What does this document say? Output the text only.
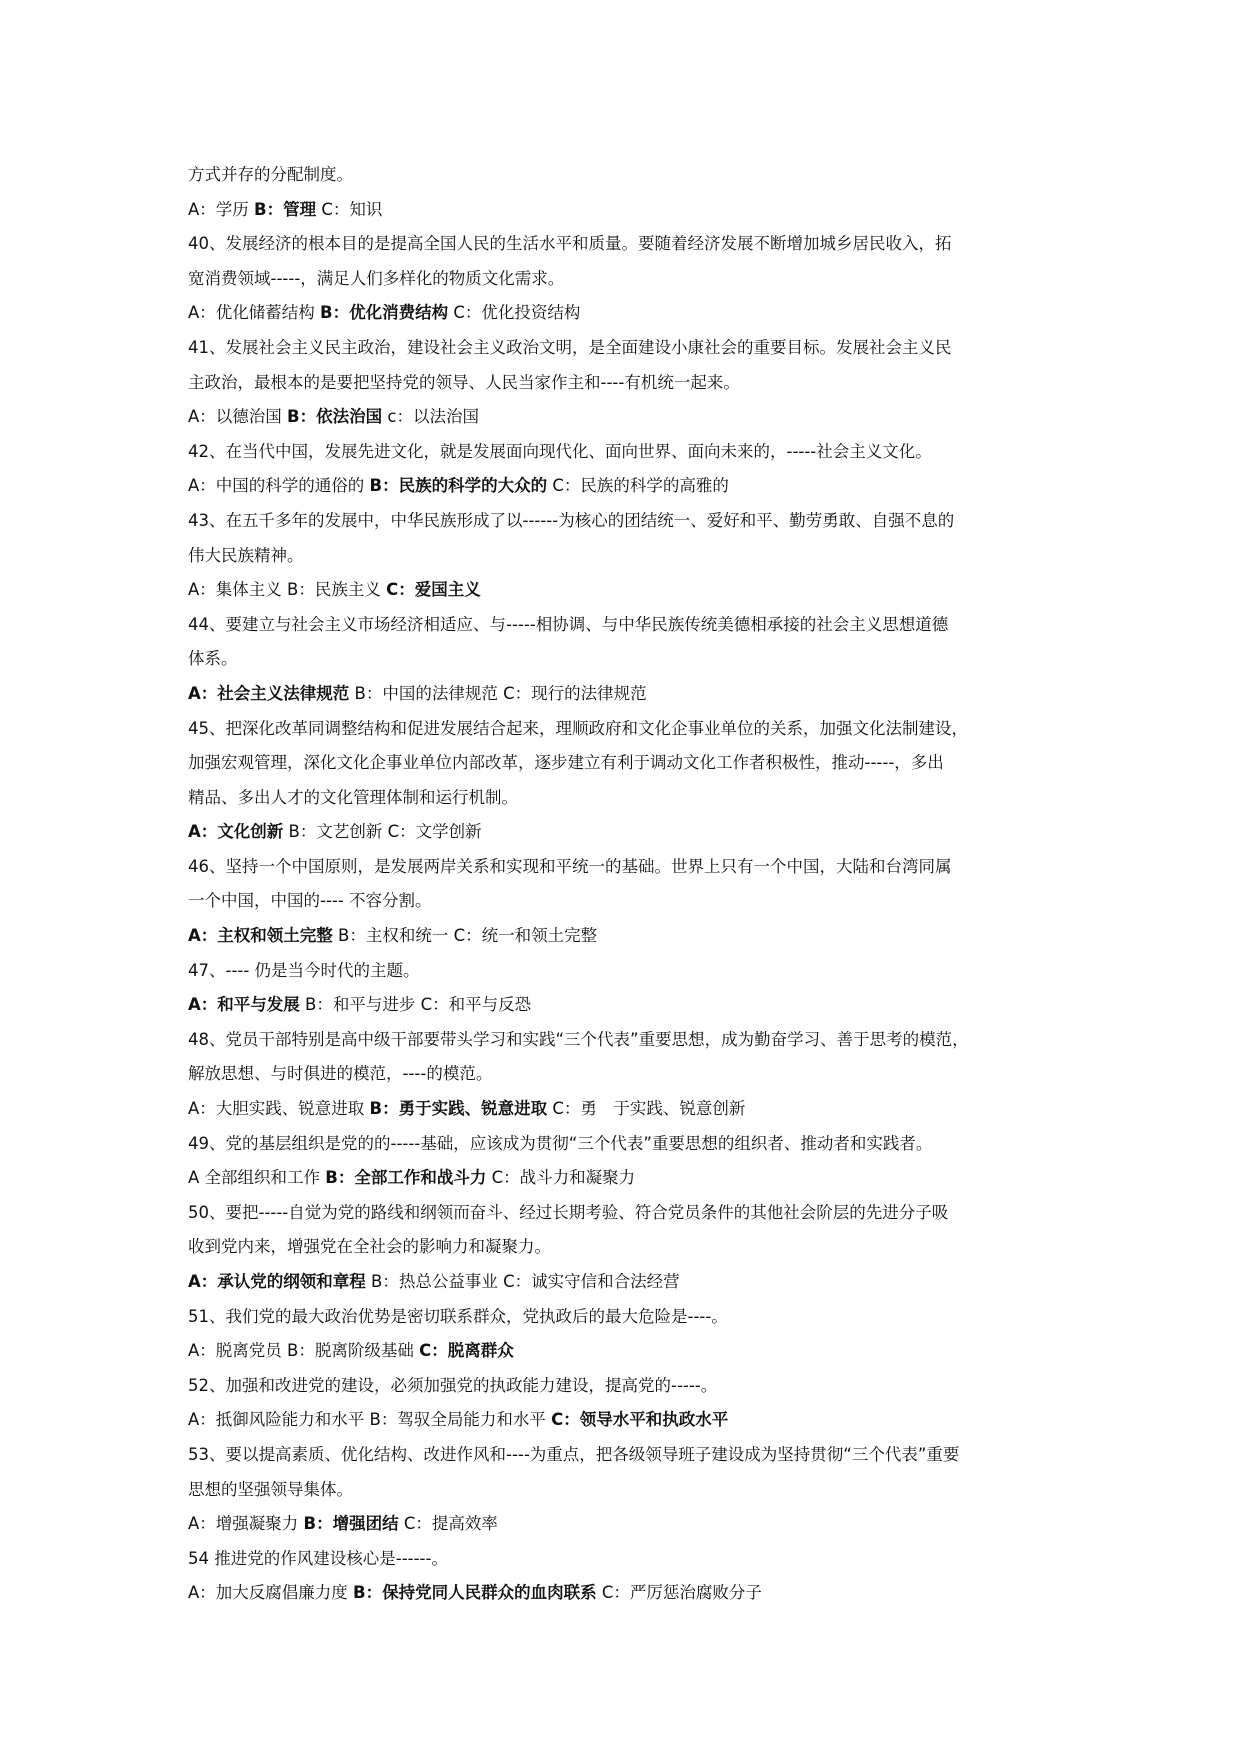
方式并存的分配制度。
A：学历 B：管理 C：知识
40、发展经济的根本目的是提高全国人民的生活水平和质量。要随着经济发展不断增加城乡居民收入，拓
宽消费领域-----，满足人们多样化的物质文化需求。
A：优化储蓄结构 B：优化消费结构 C：优化投资结构
41、发展社会主义民主政治，建设社会主义政治文明，是全面建设小康社会的重要目标。发展社会主义民
主政治，最根本的是要把坚持党的领导、人民当家作主和----有机统一起来。
A：以德治国 B：依法治国 c：以法治国
42、在当代中国，发展先进文化，就是发展面向现代化、面向世界、面向未来的，-----社会主义文化。
A：中国的科学的通俗的 B：民族的科学的大众的 C：民族的科学的高雅的
43、在五千多年的发展中，中华民族形成了以------为核心的团结统一、爱好和平、勤劳勇敢、自强不息的
伟大民族精神。
A：集体主义 B：民族主义 C：爱国主义
44、要建立与社会主义市场经济相适应、与-----相协调、与中华民族传统美德相承接的社会主义思想道德
体系。
A：社会主义法律规范 B：中国的法律规范 C：现行的法律规范
45、把深化改革同调整结构和促进发展结合起来，理顺政府和文化企事业单位的关系，加强文化法制建设，
加强宏观管理，深化文化企事业单位内部改革，逐步建立有利于调动文化工作者积极性，推动-----，多出
精品、多出人才的文化管理体制和运行机制。
A：文化创新 B：文艺创新 C：文学创新
46、坚持一个中国原则，是发展两岸关系和实现和平统一的基础。世界上只有一个中国，大陆和台湾同属
一个中国，中国的---- 不容分割。
A：主权和领土完整 B：主权和统一 C：统一和领土完整
47、---- 仍是当今时代的主题。
A：和平与发展 B：和平与进步 C：和平与反恐
48、党员干部特别是高中级干部要带头学习和实践“三个代表”重要思想，成为勤奋学习、善于思考的模范，
解放思想、与时俱进的模范，----的模范。
A：大胆实践、锐意进取 B：勇于实践、锐意进取 C：勇　于实践、锐意创新
49、党的基层组织是党的的-----基础，应该成为贯彻“三个代表”重要思想的组织者、推动者和实践者。
A 全部组织和工作 B：全部工作和战斗力 C：战斗力和凝聚力
50、要把-----自觉为党的路线和纲领而奋斗、经过长期考验、符合党员条件的其他社会阶层的先进分子吸
收到党内来，增强党在全社会的影响力和凝聚力。
A：承认党的纲领和章程 B：热总公益事业 C：诚实守信和合法经营
51、我们党的最大政治优势是密切联系群众，党执政后的最大危险是----。
A：脱离党员 B：脱离阶级基础 C：脱离群众
52、加强和改进党的建设，必须加强党的执政能力建设，提高党的-----。
A：抵御风险能力和水平 B：驾驭全局能力和水平 C：领导水平和执政水平
53、要以提高素质、优化结构、改进作风和----为重点，把各级领导班子建设成为坚持贯彻“三个代表”重要
思想的坚强领导集体。
A：增强凝聚力 B：增强团结 C：提高效率
54 推进党的作风建设核心是------。
A：加大反腐倡廉力度 B：保持党同人民群众的血肉联系 C：严厉惩治腐败分子
